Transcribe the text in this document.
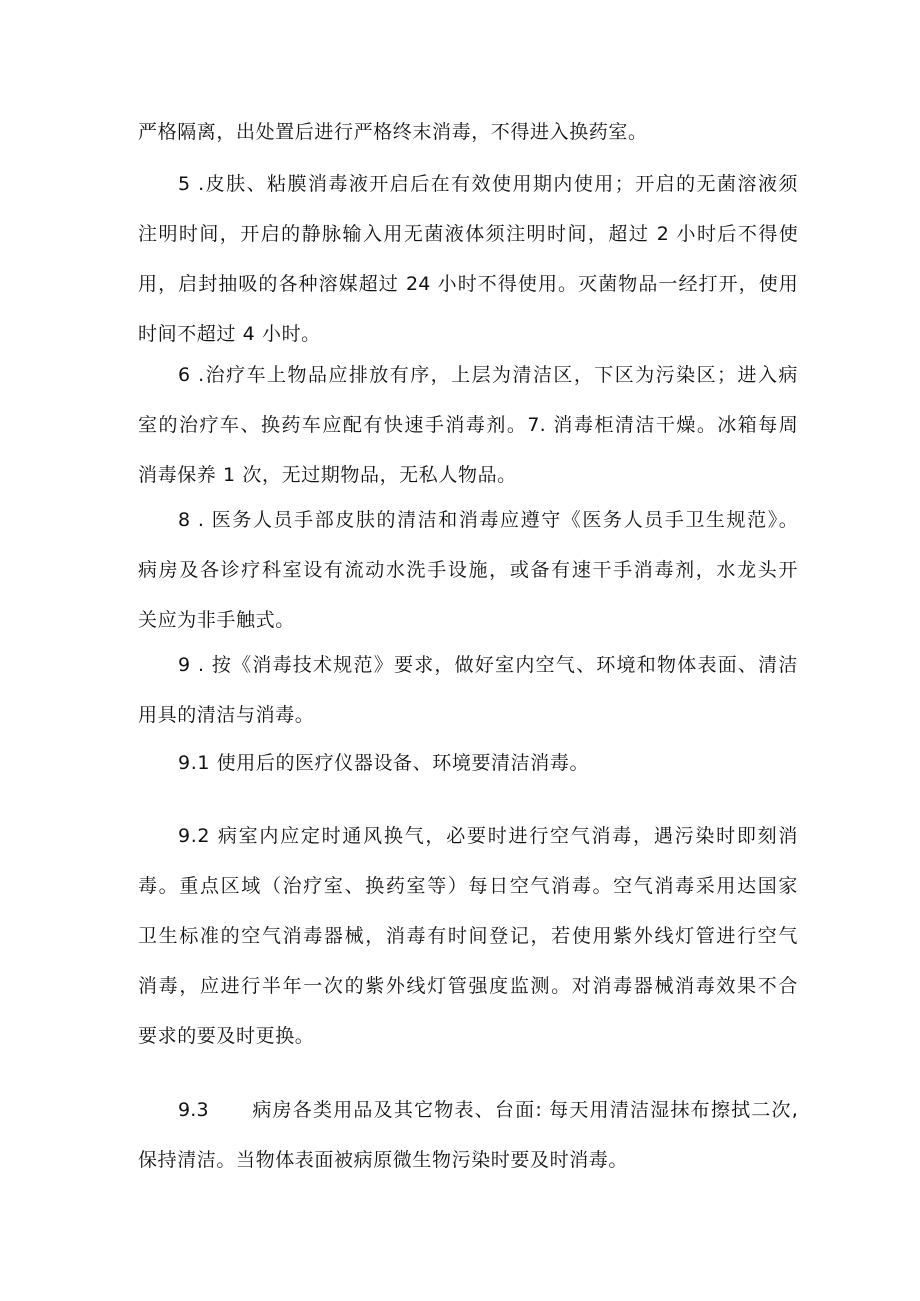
严格隔离，出处置后进行严格终末消毒，不得进入换药室。
5 .皮肤、粘膜消毒液开启后在有效使用期内使用；开启的无菌溶液须
注明时间，开启的静脉输入用无菌液体须注明时间，超过 2 小时后不得使
用，启封抽吸的各种溶媒超过 24 小时不得使用。灭菌物品一经打开，使用
时间不超过 4 小时。
6 .治疗车上物品应排放有序，上层为清洁区，下区为污染区；进入病
室的治疗车、换药车应配有快速手消毒剂。7. 消毒柜清洁干燥。冰箱每周
消毒保养 1 次，无过期物品，无私人物品。
8 . 医务人员手部皮肤的清洁和消毒应遵守《医务人员手卫生规范》。
病房及各诊疗科室设有流动水洗手设施，或备有速干手消毒剂，水龙头开
关应为非手触式。
9 . 按《消毒技术规范》要求，做好室内空气、环境和物体表面、清洁
用具的清洁与消毒。
9.1 使用后的医疗仪器设备、环境要清洁消毒。
9.2 病室内应定时通风换气，必要时进行空气消毒，遇污染时即刻消
毒。重点区域（治疗室、换药室等）每日空气消毒。空气消毒采用达国家
卫生标准的空气消毒器械，消毒有时间登记，若使用紫外线灯管进行空气
消毒，应进行半年一次的紫外线灯管强度监测。对消毒器械消毒效果不合
要求的要及时更换。
9.3      病房各类用品及其它物表、台面: 每天用清洁湿抹布擦拭二次,
保持清洁。当物体表面被病原微生物污染时要及时消毒。
